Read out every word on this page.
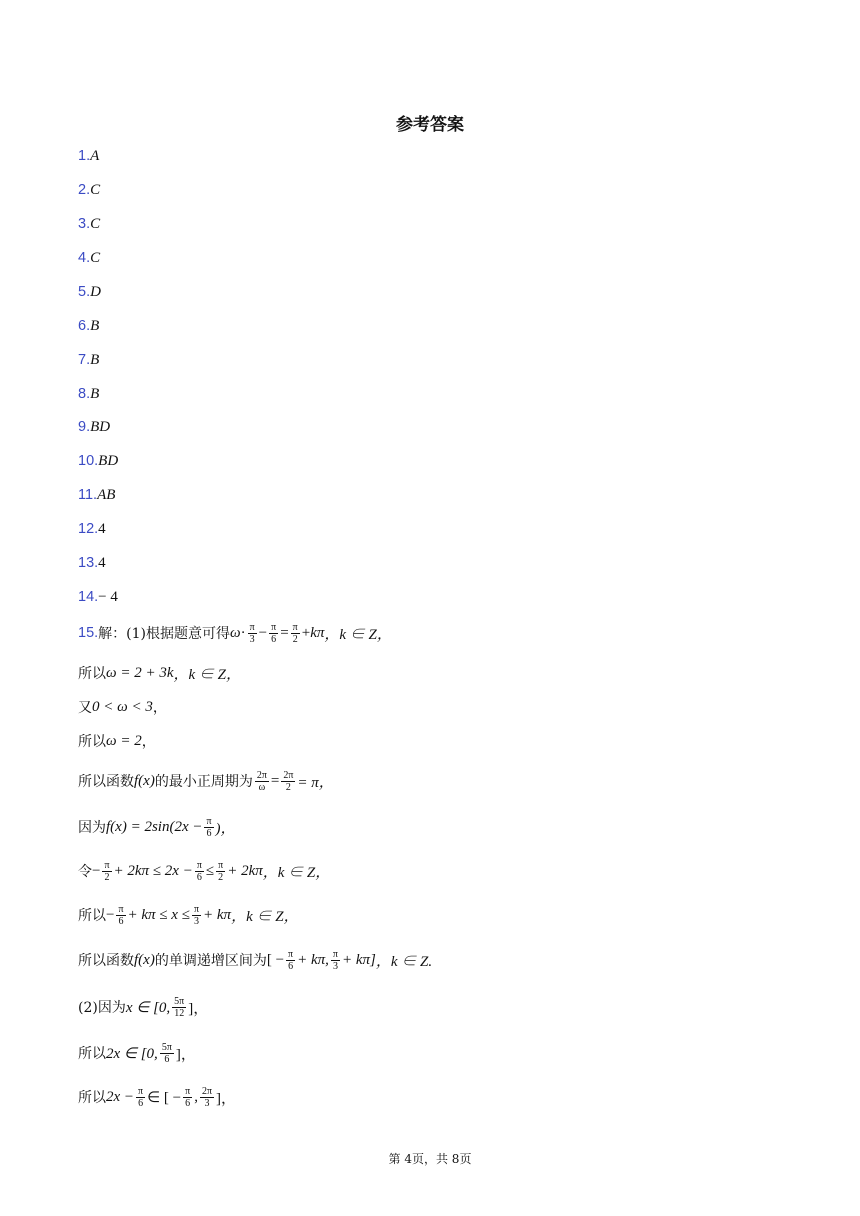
参考答案
1.A
2.C
3.C
4.C
5.D
6.B
7.B
8.B
9.BD
10.BD
11.AB
12.4
13.4
14.− 4
15. 解：(1)根据题意可得 $\omega \cdot \frac{\pi}{3} - \frac{\pi}{6} = \frac{\pi}{2} + k\pi$ ，k ∈ Z，
所以 ω = 2 + 3k ，k ∈ Z，
又 0 < ω < 3 ，
所以 ω = 2 ，
所以函数 f(x) 的最小正周期为 $\frac{2\pi}{\omega} = \frac{2\pi}{2} = \pi$，
因为 $f(x) = 2\sin(2x - \frac{\pi}{6}$ )，
令 − $\frac{\pi}{2} + 2k\pi \le 2x - \frac{\pi}{6} \le \frac{\pi}{2} + 2k\pi$ ，k ∈ Z，
所以 − $\frac{\pi}{6} + k\pi \le x \le \frac{\pi}{3} + k\pi$ ，k ∈ Z，
所以函数 f(x) 的单调递增区间为 [ − $\frac{\pi}{6} + k\pi$, $\frac{\pi}{3} + k\pi$] ，k ∈ Z.
(2)因为 x ∈ [0, $\frac{5\pi}{12}$ ]，
所以 2x ∈ [0, $\frac{5\pi}{6}$ ]，
所以 $2x - \frac{\pi}{6}$ ∈ [ − $\frac{\pi}{6}$ , $\frac{2\pi}{3}$ ]，
第 4页，共 8页
